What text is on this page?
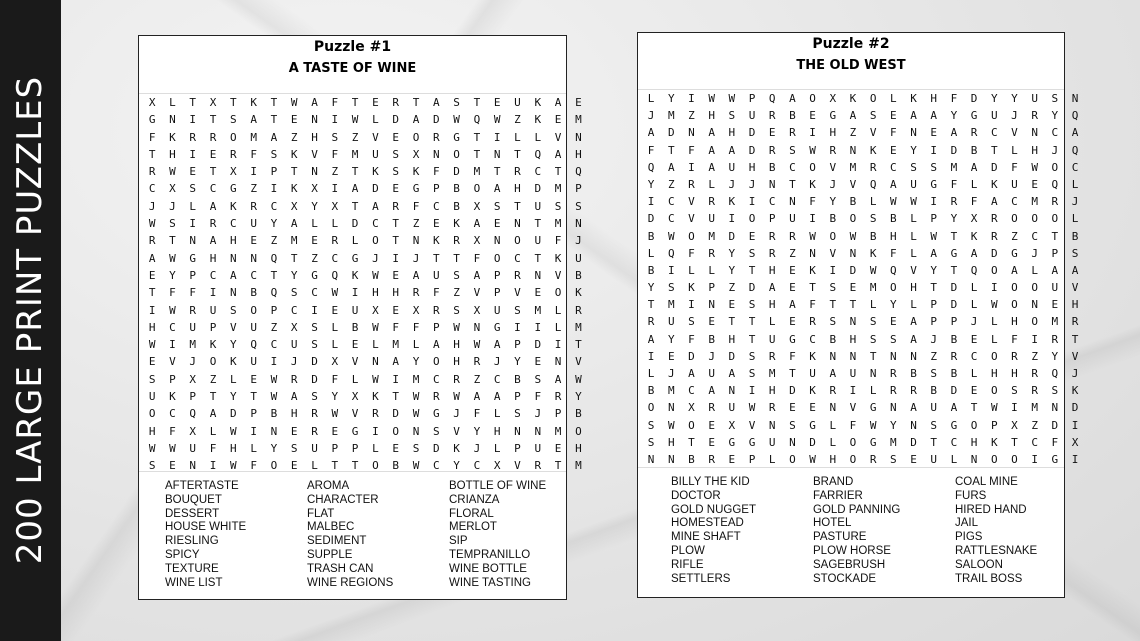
200 LARGE PRINT PUZZLES
Puzzle #1
A TASTE OF WINE
X	L	T	X	T	K	T	W	A	F	T	E	R	T	A	S	T	E	U	K	A	E
G	N	I	T	S	A	T	E	N	I	W	L	D	A	D	W	Q	W	Z	K	E	M
F	K	R	R	O	M	A	Z	H	S	Z	V	E	O	R	G	T	I	L	L	V	N
T	H	I	E	R	F	S	K	V	F	M	U	S	X	N	O	T	N	T	Q	A	H
R	W	E	T	X	I	P	T	N	Z	T	K	S	K	F	D	M	T	R	C	T	Q
C	X	S	C	G	Z	I	K	X	I	A	D	E	G	P	B	O	A	H	D	M	P
J	J	L	A	K	R	C	X	Y	X	T	A	R	F	C	B	X	S	T	U	S	S
W	S	I	R	C	U	Y	A	L	L	D	C	T	Z	E	K	A	E	N	T	M	N
R	T	N	A	H	E	Z	M	E	R	L	O	T	N	K	R	X	N	O	U	F	J
A	W	G	H	N	N	Q	T	Z	C	G	J	I	J	T	T	F	O	C	T	K	U
E	Y	P	C	A	C	T	Y	G	Q	K	W	E	A	U	S	A	P	R	N	V	B
T	F	F	I	N	B	Q	S	C	W	I	H	H	R	F	Z	V	P	V	E	O	K
I	W	R	U	S	O	P	C	I	E	U	X	E	X	R	S	X	U	S	M	L	R
H	C	U	P	V	U	Z	X	S	L	B	W	F	F	P	W	N	G	I	I	L	M
W	I	M	K	Y	Q	C	U	S	L	E	L	M	L	A	H	W	A	P	D	I	T
E	V	J	O	K	U	I	J	D	X	V	N	A	Y	O	H	R	J	Y	E	N	V
S	P	X	Z	L	E	W	R	D	F	L	W	I	M	C	R	Z	C	B	S	A	W
U	K	P	T	Y	T	W	A	S	Y	X	K	T	W	R	W	A	A	P	F	R	Y
O	C	Q	A	D	P	B	H	R	W	V	R	D	W	G	J	F	L	S	J	P	B
H	F	X	L	W	I	N	E	R	E	G	I	O	N	S	V	Y	H	N	N	M	O
W	W	U	F	H	L	Y	S	U	P	P	L	E	S	D	K	J	L	P	U	E	H
S	E	N	I	W	F	O	E	L	T	T	O	B	W	C	Y	C	X	V	R	T	M
AFTERTASTE	AROMA	BOTTLE OF WINE
BOUQUET	CHARACTER	CRIANZA
DESSERT	FLAT	FLORAL
HOUSE WHITE	MALBEC	MERLOT
RIESLING	SEDIMENT	SIP
SPICY	SUPPLE	TEMPRANILLO
TEXTURE	TRASH CAN	WINE BOTTLE
WINE LIST	WINE REGIONS	WINE TASTING
Puzzle #2
THE OLD WEST
L	Y	I	W	W	P	Q	A	O	X	K	O	L	K	H	F	D	Y	Y	U	S	N
J	M	Z	H	S	U	R	B	E	G	A	S	E	A	A	Y	G	U	J	R	Y	Q
A	D	N	A	H	D	E	R	I	H	Z	V	F	N	E	A	R	C	V	N	C	A
F	T	F	A	A	D	R	S	W	R	N	K	E	Y	I	D	B	T	L	H	J	Q
Q	A	I	A	U	H	B	C	O	V	M	R	C	S	S	M	A	D	F	W	O	C
Y	Z	R	L	J	J	N	T	K	J	V	Q	A	U	G	F	L	K	U	E	Q	L
I	C	V	R	K	I	C	N	F	Y	B	L	W	W	I	R	F	A	C	M	R	J
D	C	V	U	I	O	P	U	I	B	O	S	B	L	P	Y	X	R	O	O	O	L
B	W	O	M	D	E	R	R	W	O	W	B	H	L	W	T	K	R	Z	C	T	B
L	Q	F	R	Y	S	R	Z	N	V	N	K	F	L	A	G	A	D	G	J	P	S
B	I	L	L	Y	T	H	E	K	I	D	W	Q	V	Y	T	Q	O	A	L	A	A
Y	S	K	P	Z	D	A	E	T	S	E	M	O	H	T	D	L	I	O	O	U	V
T	M	I	N	E	S	H	A	F	T	T	L	Y	L	P	D	L	W	O	N	E	H
R	U	S	E	T	T	L	E	R	S	N	S	E	A	P	P	J	L	H	O	M	R
A	Y	F	B	H	T	U	G	C	B	H	S	S	A	J	B	E	L	F	I	R	T
I	E	D	J	D	S	R	F	K	N	N	T	N	N	Z	R	C	O	R	Z	Y	V
L	J	A	U	A	S	M	T	U	A	U	N	R	B	S	B	L	H	H	R	Q	J
B	M	C	A	N	I	H	D	K	R	I	L	R	R	B	D	E	O	S	R	S	K
O	N	X	R	U	W	R	E	E	N	V	G	N	A	U	A	T	W	I	M	N	D
S	W	O	E	X	V	N	S	G	L	F	W	Y	N	S	G	O	P	X	Z	D	I
S	H	T	E	G	G	U	N	D	L	O	G	M	D	T	C	H	K	T	C	F	X
N	N	B	R	E	P	L	O	W	H	O	R	S	E	U	L	N	O	O	I	G	I
BILLY THE KID	BRAND	COAL MINE
DOCTOR	FARRIER	FURS
GOLD NUGGET	GOLD PANNING	HIRED HAND
HOMESTEAD	HOTEL	JAIL
MINE SHAFT	PASTURE	PIGS
PLOW	PLOW HORSE	RATTLESNAKE
RIFLE	SAGEBRUSH	SALOON
SETTLERS	STOCKADE	TRAIL BOSS
